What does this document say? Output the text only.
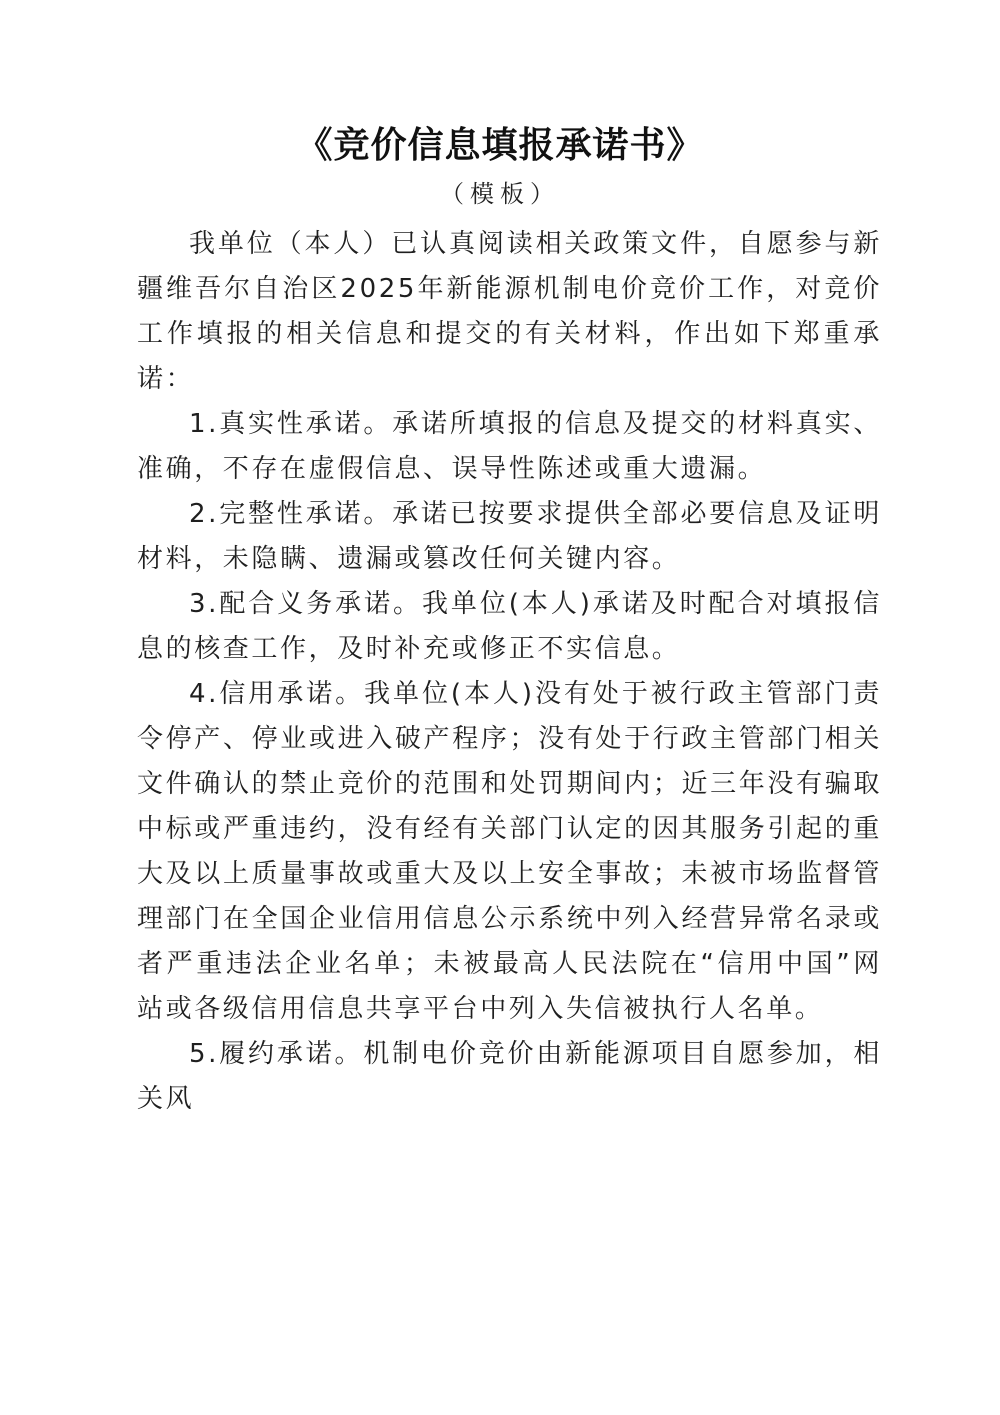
《竞价信息填报承诺书》
（模板）

我单位（本人）已认真阅读相关政策文件，自愿参与新疆维吾尔自治区2025年新能源机制电价竞价工作，对竞价工作填报的相关信息和提交的有关材料，作出如下郑重承诺：

1.真实性承诺。承诺所填报的信息及提交的材料真实、准确，不存在虚假信息、误导性陈述或重大遗漏。

2.完整性承诺。承诺已按要求提供全部必要信息及证明材料，未隐瞒、遗漏或篡改任何关键内容。

3.配合义务承诺。我单位(本人)承诺及时配合对填报信息的核查工作，及时补充或修正不实信息。

4.信用承诺。我单位(本人)没有处于被行政主管部门责令停产、停业或进入破产程序；没有处于行政主管部门相关文件确认的禁止竞价的范围和处罚期间内；近三年没有骗取中标或严重违约，没有经有关部门认定的因其服务引起的重大及以上质量事故或重大及以上安全事故；未被市场监督管理部门在全国企业信用信息公示系统中列入经营异常名录或者严重违法企业名单；未被最高人民法院在“信用中国”网站或各级信用信息共享平台中列入失信被执行人名单。

5.履约承诺。机制电价竞价由新能源项目自愿参加，相关风
